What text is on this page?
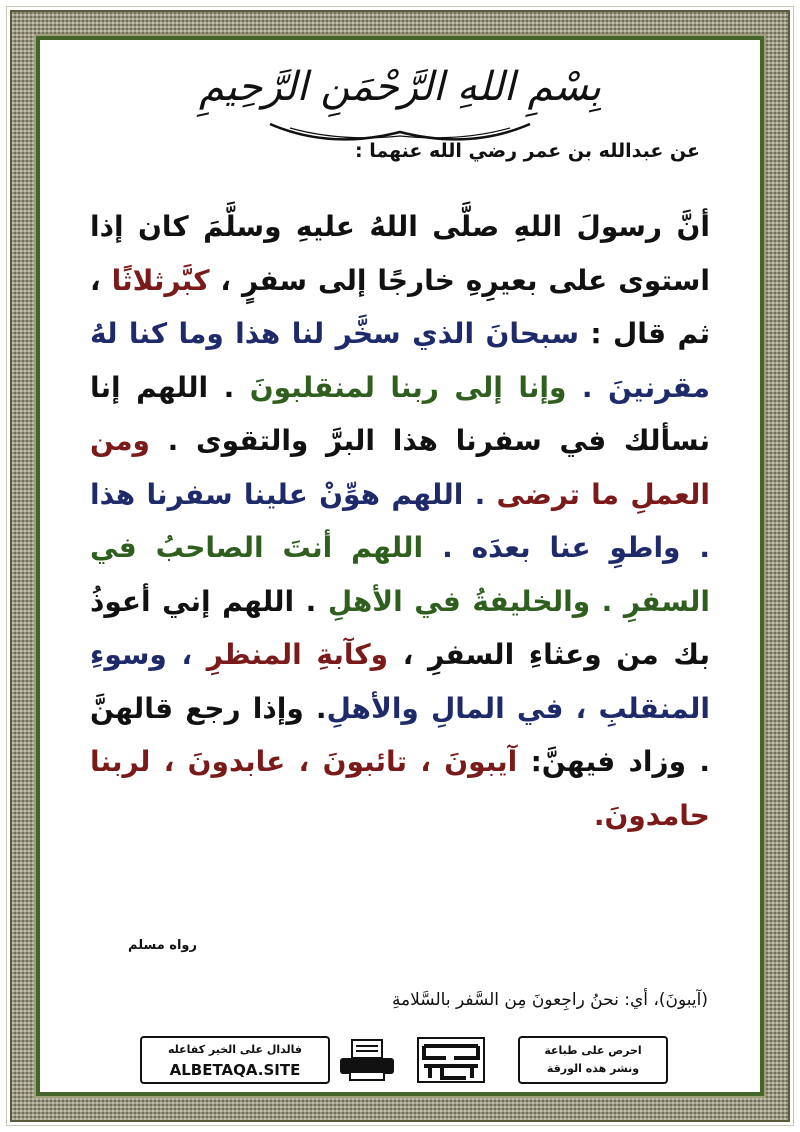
بِسْمِ اللهِ الرَّحْمَنِ الرَّحِيمِ
عن عبدالله بن عمر رضي الله عنهما :
أنَّ رسولَ اللهِ صلَّى اللهُ عليهِ وسلَّمَ كان إذا استوى على بعيرِهِ خارجًا إلى سفرٍ ، كبَّرثلاثًا ، ثم قال : سبحانَ الذي سخَّر لنا هذا وما كنا لهُ مقرنينَ . وإنا إلى ربنا لمنقلبونَ . اللهم إنا نسألك في سفرنا هذا البرَّ والتقوى . ومن العملِ ما ترضى . اللهم هوِّنْ علينا سفرنا هذا . واطوِ عنا بعدَه . اللهم أنتَ الصاحبُ في السفرِ . والخليفةُ في الأهلِ . اللهم إني أعوذُ بك من وعثاءِ السفرِ ، وكآبةِ المنظرِ ، وسوءِ المنقلبِ ، في المالِ والأهلِ. وإذا رجع قالهنَّ . وزاد فيهنَّ: آيبونَ ، تائبونَ ، عابدونَ ، لربنا حامدونَ.
رواه مسلم
(آيبونَ)، أي: نحنُ راجِعونَ مِن السَّفر بالسَّلامةِ
احرص على طباعة
ونشر هذه الورقة
فالدال على الخير كفاعله
ALBETAQA.SITE
